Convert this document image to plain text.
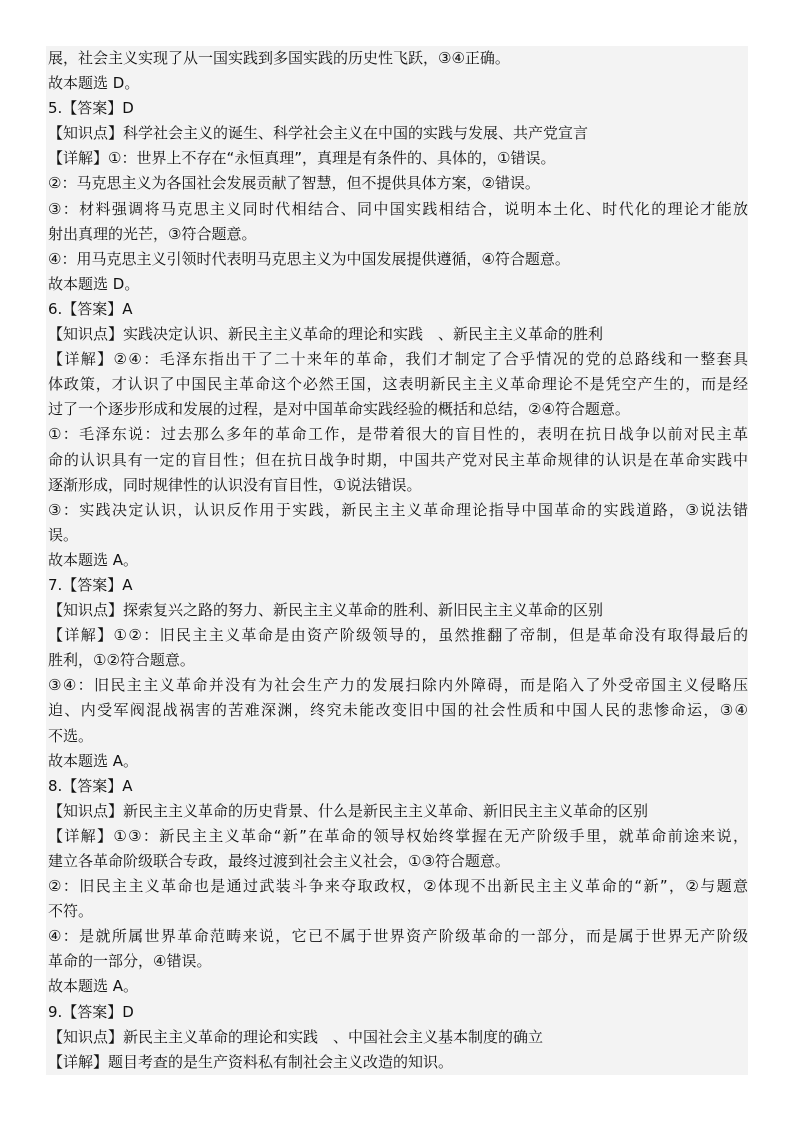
展，社会主义实现了从一国实践到多国实践的历史性飞跃，③④正确。
故本题选 D。
5.【答案】D
【知识点】科学社会主义的诞生、科学社会主义在中国的实践与发展、共产党宣言
【详解】①：世界上不存在“永恒真理”，真理是有条件的、具体的，①错误。
②：马克思主义为各国社会发展贡献了智慧，但不提供具体方案，②错误。
③：材料强调将马克思主义同时代相结合、同中国实践相结合，说明本土化、时代化的理论才能放
射出真理的光芒，③符合题意。
④：用马克思主义引领时代表明马克思主义为中国发展提供遵循，④符合题意。
故本题选 D。
6.【答案】A
【知识点】实践决定认识、新民主主义革命的理论和实践　、新民主主义革命的胜利
【详解】②④：毛泽东指出干了二十来年的革命，我们才制定了合乎情况的党的总路线和一整套具
体政策，才认识了中国民主革命这个必然王国，这表明新民主主义革命理论不是凭空产生的，而是经
过了一个逐步形成和发展的过程，是对中国革命实践经验的概括和总结，②④符合题意。
①：毛泽东说：过去那么多年的革命工作，是带着很大的盲目性的，表明在抗日战争以前对民主革
命的认识具有一定的盲目性；但在抗日战争时期，中国共产党对民主革命规律的认识是在革命实践中
逐渐形成，同时规律性的认识没有盲目性，①说法错误。
③：实践决定认识，认识反作用于实践，新民主主义革命理论指导中国革命的实践道路，③说法错
误。
故本题选 A。
7.【答案】A
【知识点】探索复兴之路的努力、新民主主义革命的胜利、新旧民主主义革命的区别
【详解】①②：旧民主主义革命是由资产阶级领导的，虽然推翻了帝制，但是革命没有取得最后的
胜利，①②符合题意。
③④：旧民主主义革命并没有为社会生产力的发展扫除内外障碍，而是陷入了外受帝国主义侵略压
迫、内受军阀混战祸害的苦难深渊，终究未能改变旧中国的社会性质和中国人民的悲惨命运，③④
不选。
故本题选 A。
8.【答案】A
【知识点】新民主主义革命的历史背景、什么是新民主主义革命、新旧民主主义革命的区别
【详解】①③：新民主主义革命“新”在革命的领导权始终掌握在无产阶级手里，就革命前途来说，
建立各革命阶级联合专政，最终过渡到社会主义社会，①③符合题意。
②：旧民主主义革命也是通过武装斗争来夺取政权，②体现不出新民主主义革命的“新”，②与题意
不符。
④：是就所属世界革命范畴来说，它已不属于世界资产阶级革命的一部分，而是属于世界无产阶级
革命的一部分，④错误。
故本题选 A。
9.【答案】D
【知识点】新民主主义革命的理论和实践　、中国社会主义基本制度的确立
【详解】题目考查的是生产资料私有制社会主义改造的知识。
